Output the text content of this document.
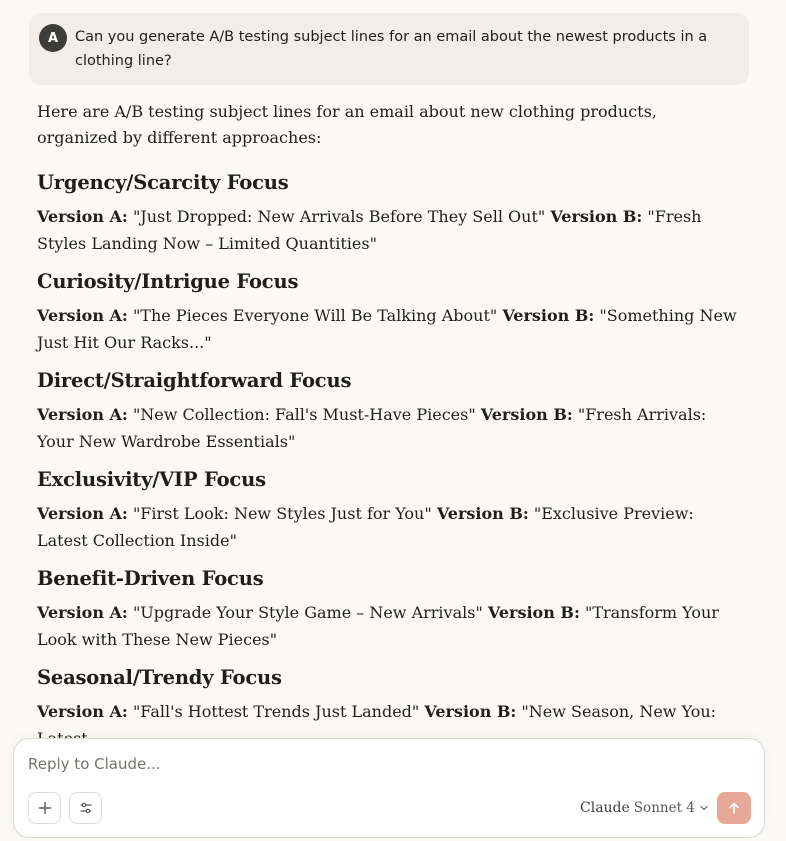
A	Can you generate A/B testing subject lines for an email about the newest products in a clothing line?

Here are A/B testing subject lines for an email about new clothing products, organized by different approaches:

Urgency/Scarcity Focus

Version A: "Just Dropped: New Arrivals Before They Sell Out" Version B: "Fresh Styles Landing Now – Limited Quantities"

Curiosity/Intrigue Focus

Version A: "The Pieces Everyone Will Be Talking About" Version B: "Something New Just Hit Our Racks..."

Direct/Straightforward Focus

Version A: "New Collection: Fall's Must-Have Pieces" Version B: "Fresh Arrivals: Your New Wardrobe Essentials"

Exclusivity/VIP Focus

Version A: "First Look: New Styles Just for You" Version B: "Exclusive Preview: Latest Collection Inside"

Benefit-Driven Focus

Version A: "Upgrade Your Style Game – New Arrivals" Version B: "Transform Your Look with These New Pieces"

Seasonal/Trendy Focus

Version A: "Fall's Hottest Trends Just Landed" Version B: "New Season, New You:

Reply to Claude...
Claude Sonnet 4
